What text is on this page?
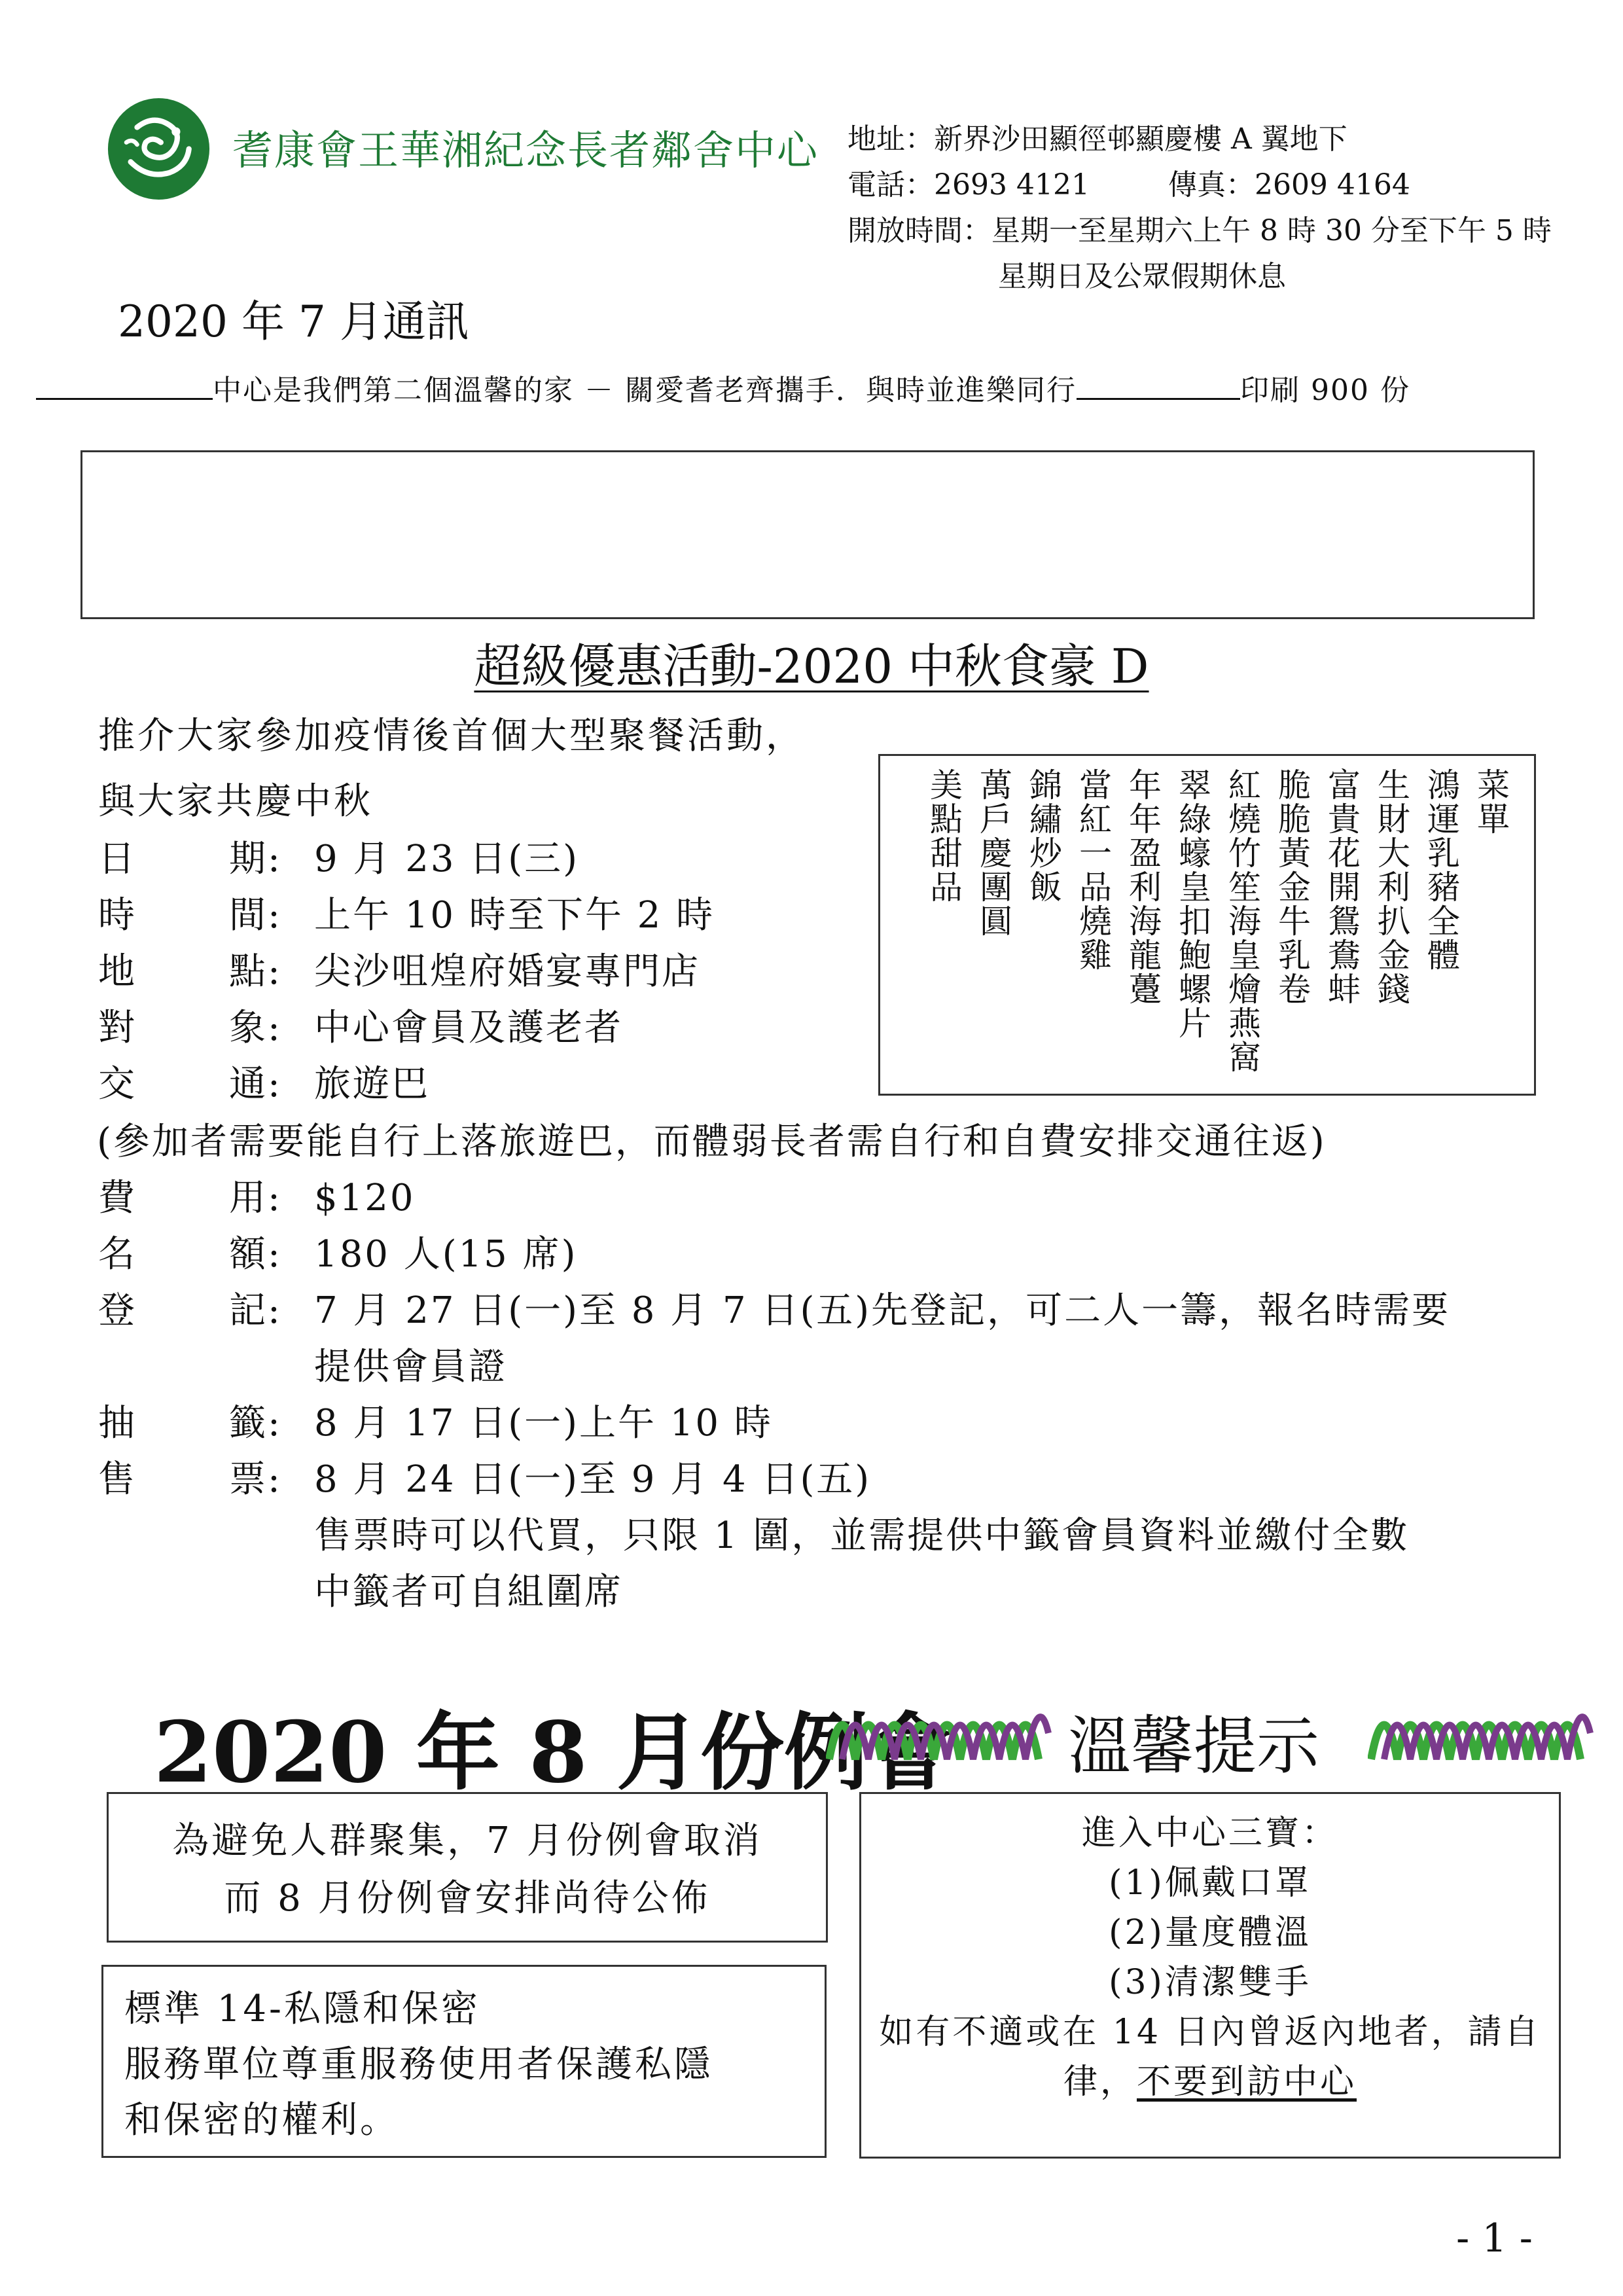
耆康會王華湘紀念長者鄰舍中心 地址：新界沙田顯徑邨顯慶樓 A 翼地下
電話：2693 4121	傳真：2609 4164
開放時間：星期一至星期六上午 8 時 30 分至下午 5 時
星期日及公眾假期休息
2020 年 7 月通訊
中心是我們第二個溫馨的家 － 關愛耆老齊攜手．與時並進樂同行	印刷 900 份
超級優惠活動-2020 中秋食豪 D
推介大家參加疫情後首個大型聚餐活動，
與大家共慶中秋
日	期: 9 月 23 日(三)
時	間: 上午 10 時至下午 2 時
地	點: 尖沙咀煌府婚宴專門店
對	象: 中心會員及護老者
交	通: 旅遊巴
(參加者需要能自行上落旅遊巴，而體弱長者需自行和自費安排交通往返)
費	用: $120
名	額: 180 人(15 席)
登	記: 7 月 27 日(一)至 8 月 7 日(五)先登記，可二人一籌，報名時需要
提供會員證
抽	籤: 8 月 17 日(一)上午 10 時
售	票: 8 月 24 日(一)至 9 月 4 日(五)
售票時可以代買，只限 1 圍，並需提供中籤會員資料並繳付全數
中籤者可自組圍席
菜單
鴻運乳豬全體
生財大利扒金錢
富貴花開鴛鴦蚌
脆脆黃金牛乳卷
紅燒竹笙海皇燴燕窩
翠綠蠔皇扣鮑螺片
年年盈利海龍躉
當紅一品燒雞
錦繡炒飯
萬戶慶團圓
美點甜品
2020 年 8 月份例會 溫馨提示
為避免人群聚集，7 月份例會取消
而 8 月份例會安排尚待公佈
標準 14-私隱和保密
服務單位尊重服務使用者保護私隱
和保密的權利。
進入中心三寶：
(1)佩戴口罩
(2)量度體溫
(3)清潔雙手
如有不適或在 14 日內曾返內地者，請自
律，不要到訪中心
- 1 -
